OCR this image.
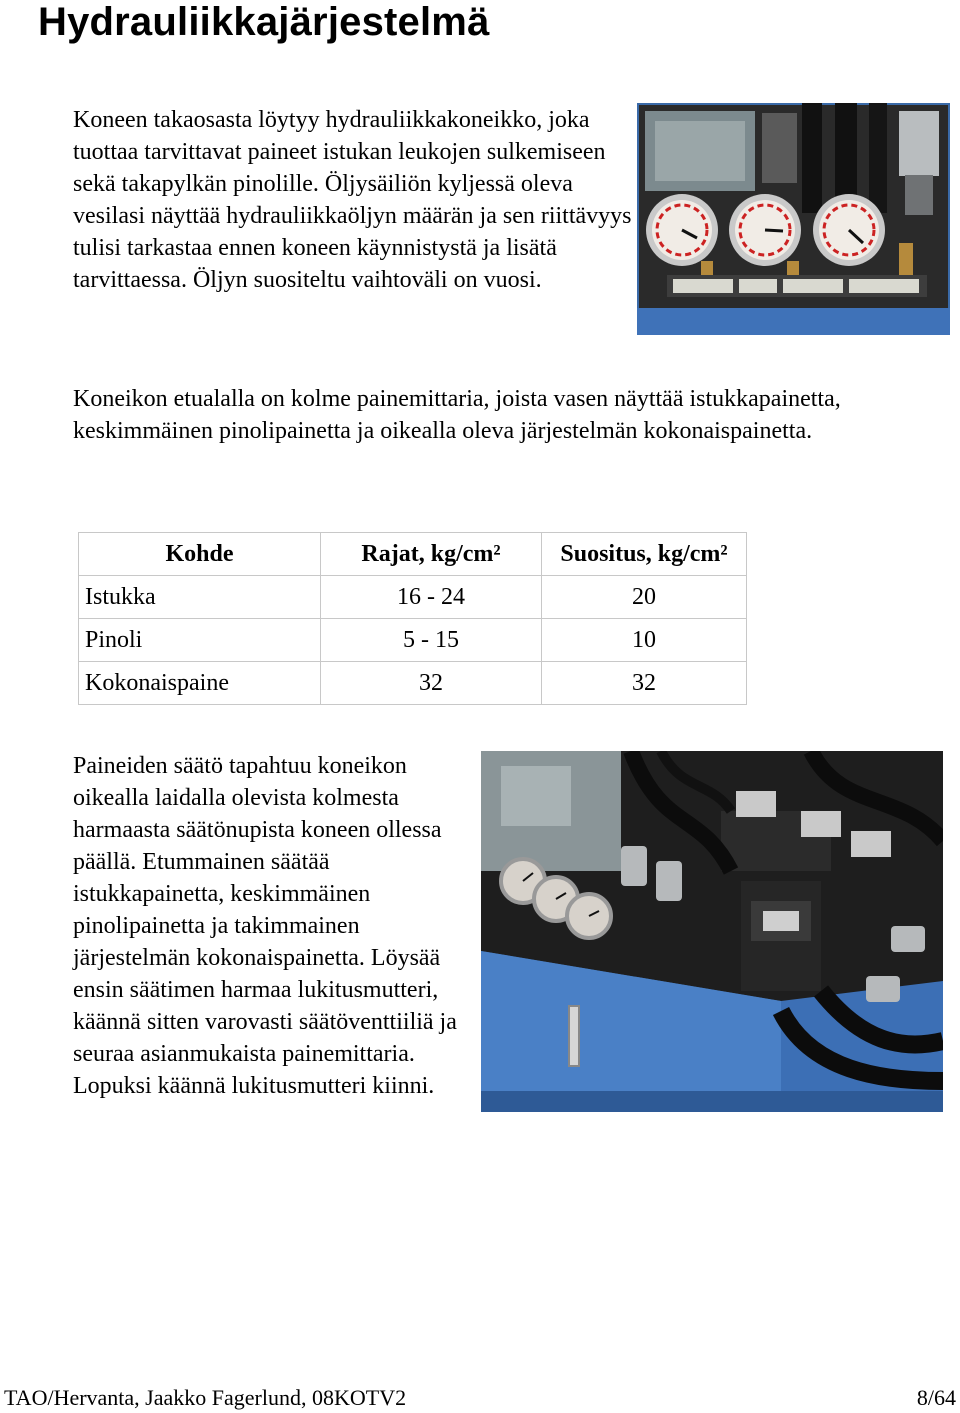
Hydrauliikkajärjestelmä

Koneen takaosasta löytyy hydrauliikkakoneikko, joka tuottaa tarvittavat paineet istukan leukojen sulkemiseen sekä takapylkän pinolille. Öljysäiliön kyljessä oleva vesilasi näyttää hydrauliikkaöljyn määrän ja sen riittävyys tulisi tarkastaa ennen koneen käynnistystä ja lisätä tarvittaessa. Öljyn suositeltu vaihtoväli on vuosi.

Koneikon etualalla on kolme painemittaria, joista vasen näyttää istukkapainetta, keskimmäinen pinolipainetta ja oikealla oleva järjestelmän kokonaispainetta.

Kohde	Rajat, kg/cm²	Suositus, kg/cm²
Istukka	16 - 24	20
Pinoli	5 - 15	10
Kokonaispaine	32	32

Paineiden säätö tapahtuu koneikon oikealla laidalla olevista kolmesta harmaasta säätönupista koneen ollessa päällä. Etummainen säätää istukkapainetta, keskimmäinen pinolipainetta ja takimmainen järjestelmän kokonaispainetta. Löysää ensin säätimen harmaa lukitusmutteri, käännä sitten varovasti säätöventtiiliä ja seuraa asianmukaista painemittaria. Lopuksi käännä lukitusmutteri kiinni.

TAO/Hervanta, Jaakko Fagerlund, 08KOTV2	8/64
